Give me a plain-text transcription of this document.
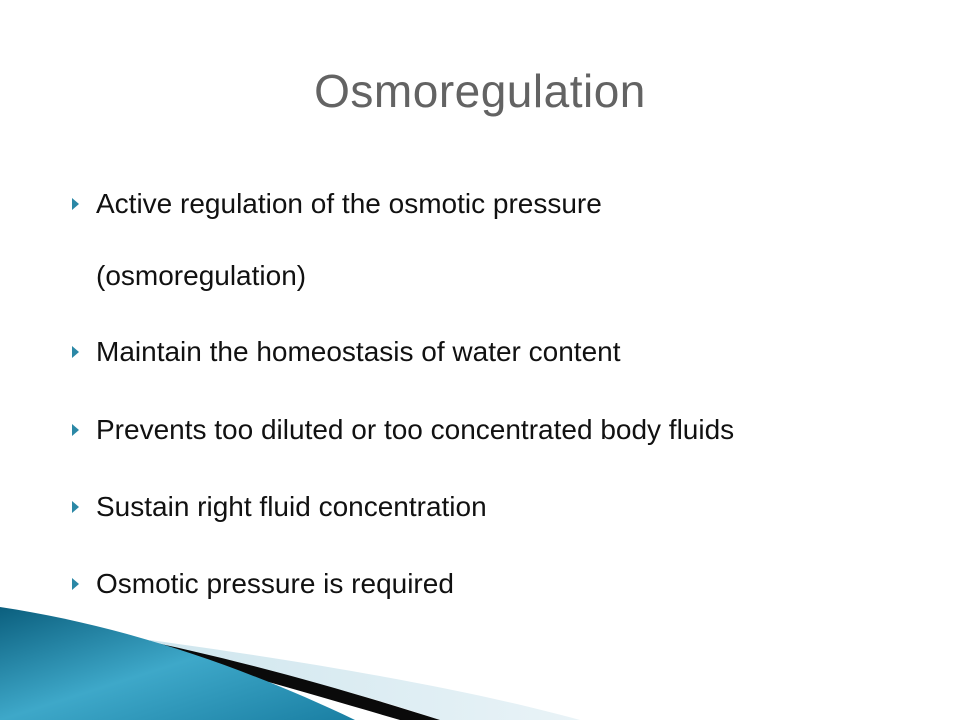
Osmoregulation
Active regulation of the osmotic pressure
(osmoregulation)
Maintain the homeostasis of water content
Prevents too diluted or too concentrated body fluids
Sustain right fluid concentration
Osmotic pressure is required
